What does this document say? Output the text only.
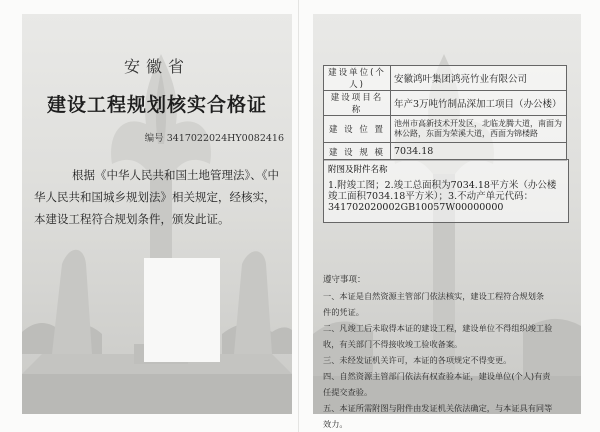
安徽省
建设工程规划核实合格证
编号 3417022024HY0082416

根据《中华人民共和国土地管理法》、《中

华人民共和国城乡规划法》相关规定，经核实，

本建设工程符合规划条件，颁发此证。

建设单位(个人)	安徽鸿叶集团鸿亮竹业有限公司
建设项目名称	年产3万吨竹制品深加工项目（办公楼）
建 设 位 置	池州市高新技术开发区，北临龙腾大道，南面为林公路，东面为荣溪大道，西面为锦楼路
建 设 规 模	7034.18
附图及附件名称
1.附竣工图；2.竣工总面积为7034.18平方米（办公楼竣工面积7034.18平方米）；3.不动产单元代码：341702020002GB10057W00000000
遵守事项：
一、本证是自然资源主管部门依法核实，建设工程符合规划条
件的凭证。
二、凡竣工后未取得本证的建设工程，建设单位不得组织竣工验
收，有关部门不得接收竣工验收备案。
三、未经发证机关许可，本证的各项规定不得变更。
四、自然资源主管部门依法有权查验本证，建设单位(个人)有责
任提交查验。
五、本证所需附图与附件由发证机关依法确定，与本证具有同等
效力。
